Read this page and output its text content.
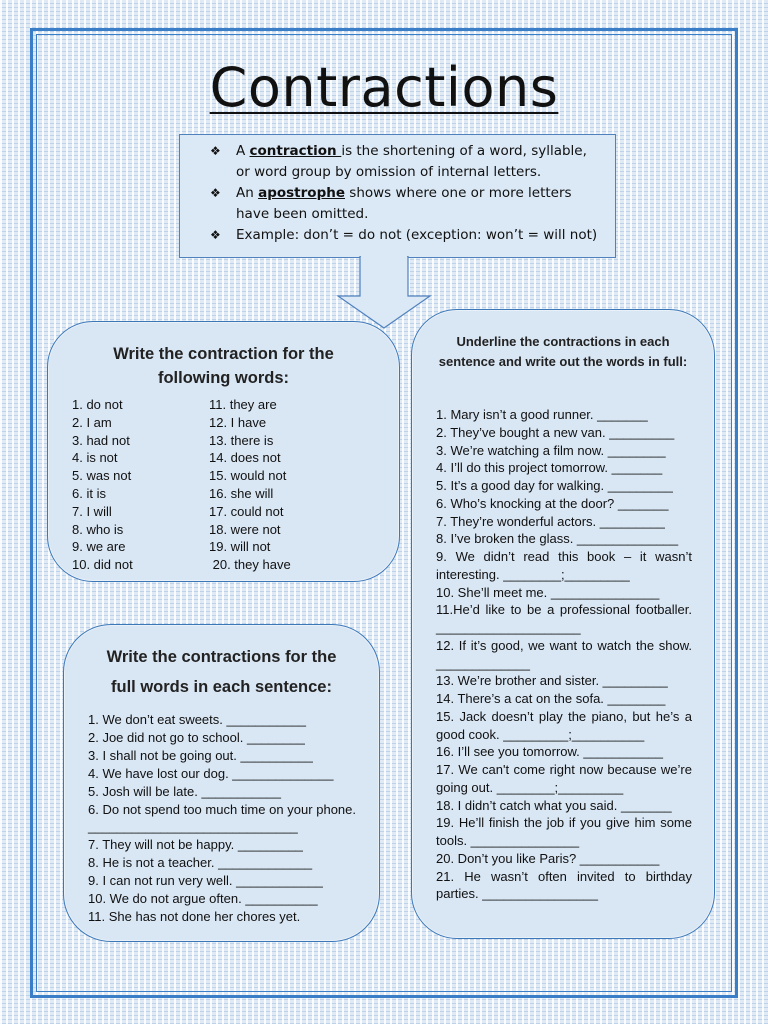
Contractions
❖ A contraction is the shortening of a word, syllable, or word group by omission of internal letters.
❖ An apostrophe shows where one or more letters have been omitted.
❖ Example: don’t = do not (exception: won’t = will not)
Write the contraction for the
following words:
1. do not
2. I am
3. had not
4. is not
5. was not
6. it is
7. I will
8. who is
9. we are
10. did not
11. they are
12. I have
13. there is
14. does not
15. would not
16. she will
17. could not
18. were not
19. will not
20. they have
Write the contractions for the
full words in each sentence:
1. We don’t eat sweets. ___________
2. Joe did not go to school. ________
3. I shall not be going out. __________
4. We have lost our dog. ______________
5. Josh will be late. ___________
6. Do not spend too much time on your phone. _____________________________
7. They will not be happy. _________
8. He is not a teacher. _____________
9. I can not run very well. ____________
10. We do not argue often. __________
11. She has not done her chores yet.
Underline the contractions in each sentence and write out the words in full:
1. Mary isn’t a good runner. _______
2. They’ve bought a new van. _________
3. We’re watching a film now. ________
4. I’ll do this project tomorrow. _______
5. It’s a good day for walking. _________
6. Who’s knocking at the door? _______
7. They’re wonderful actors. _________
8. I’ve broken the glass. ______________
9. We didn’t read this book – it wasn’t interesting. ________;_________
10. She’ll meet me. _______________
11.He’d like to be a professional footballer. ____________________
12. If it’s good, we want to watch the show. _____________
13. We’re brother and sister. _________
14. There’s a cat on the sofa. ________
15. Jack doesn’t play the piano, but he’s a good cook. _________;__________
16. I’ll see you tomorrow. ___________
17. We can't come right now because we’re going out. ________;_________
18. I didn’t catch what you said. _______
19. He’ll finish the job if you give him some tools. _______________
20. Don’t you like Paris? ___________
21. He wasn’t often invited to birthday parties. ________________
